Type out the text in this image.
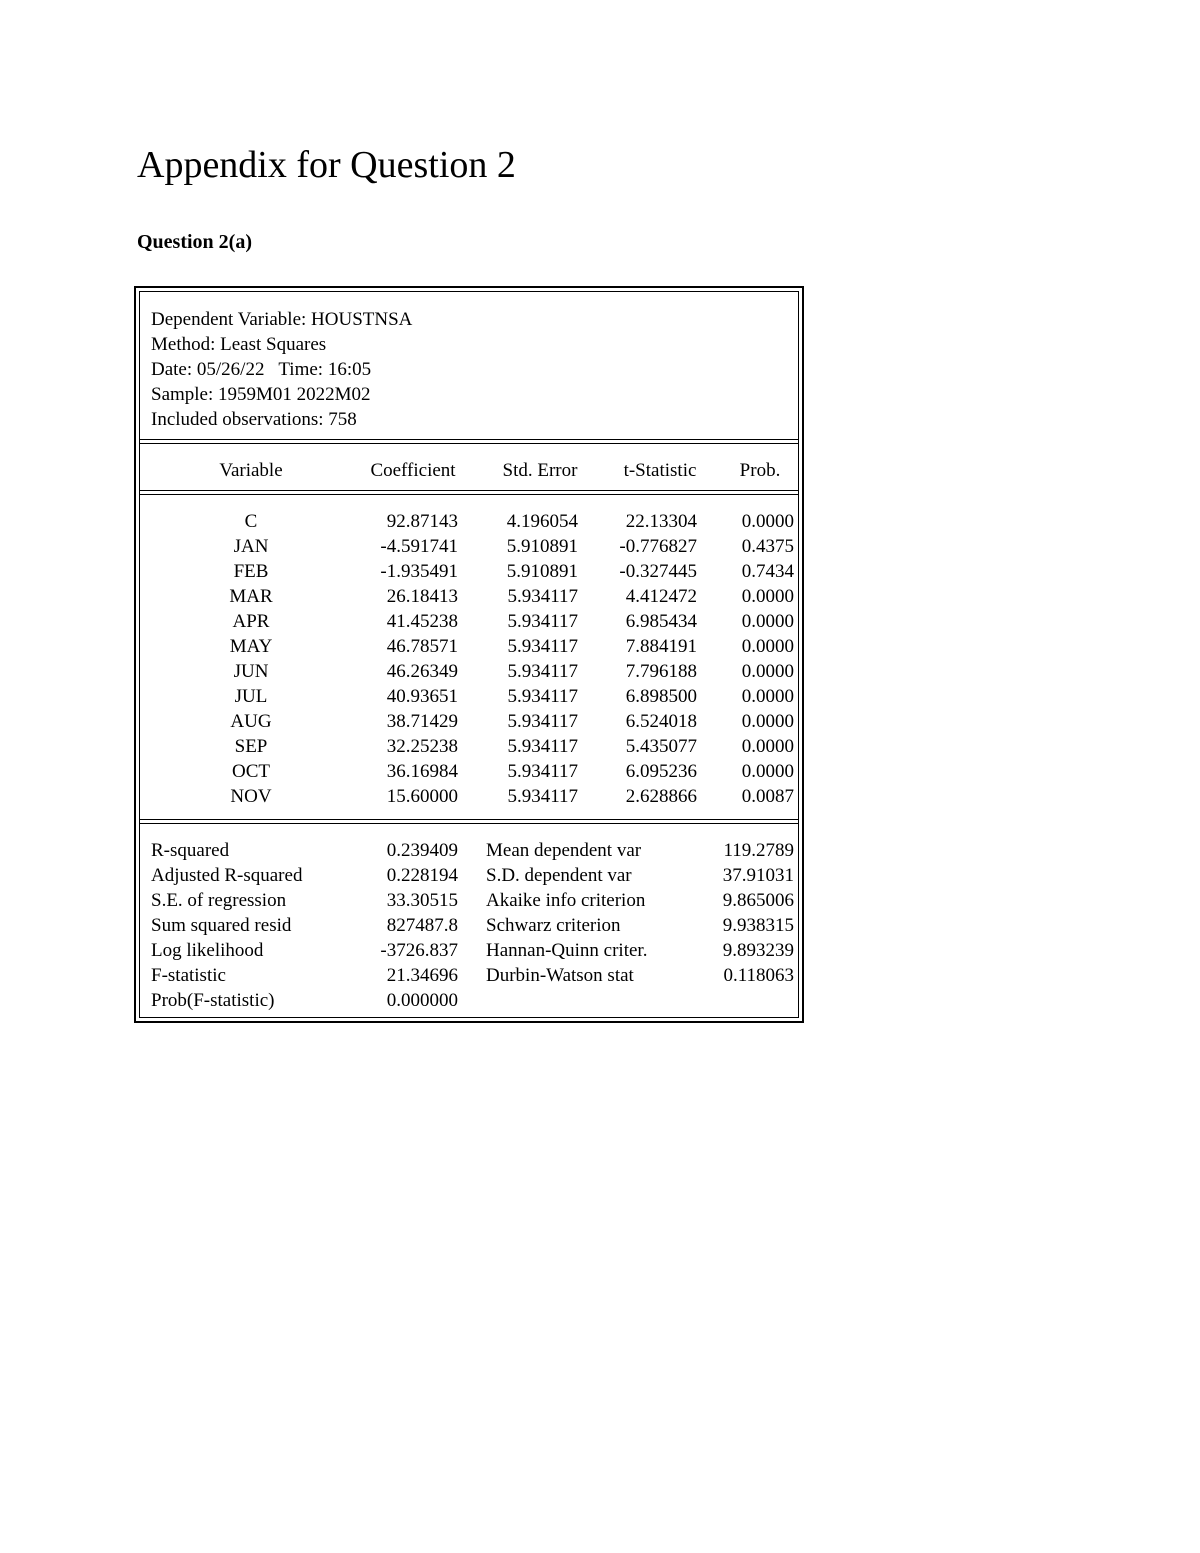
Appendix for Question 2
Question 2(a)
Dependent Variable: HOUSTNSA
Method: Least Squares
Date: 05/26/22   Time: 16:05
Sample: 1959M01 2022M02
Included observations: 758
Variable	Coefficient	Std. Error	t-Statistic	Prob.
C	92.87143	4.196054	22.13304	0.0000
JAN	-4.591741	5.910891	-0.776827	0.4375
FEB	-1.935491	5.910891	-0.327445	0.7434
MAR	26.18413	5.934117	4.412472	0.0000
APR	41.45238	5.934117	6.985434	0.0000
MAY	46.78571	5.934117	7.884191	0.0000
JUN	46.26349	5.934117	7.796188	0.0000
JUL	40.93651	5.934117	6.898500	0.0000
AUG	38.71429	5.934117	6.524018	0.0000
SEP	32.25238	5.934117	5.435077	0.0000
OCT	36.16984	5.934117	6.095236	0.0000
NOV	15.60000	5.934117	2.628866	0.0087
R-squared	0.239409 Mean dependent var	119.2789
Adjusted R-squared	0.228194 S.D. dependent var	37.91031
S.E. of regression	33.30515 Akaike info criterion	9.865006
Sum squared resid	827487.8 Schwarz criterion	9.938315
Log likelihood	-3726.837 Hannan-Quinn criter.	9.893239
F-statistic	21.34696 Durbin-Watson stat	0.118063
Prob(F-statistic)	0.000000
